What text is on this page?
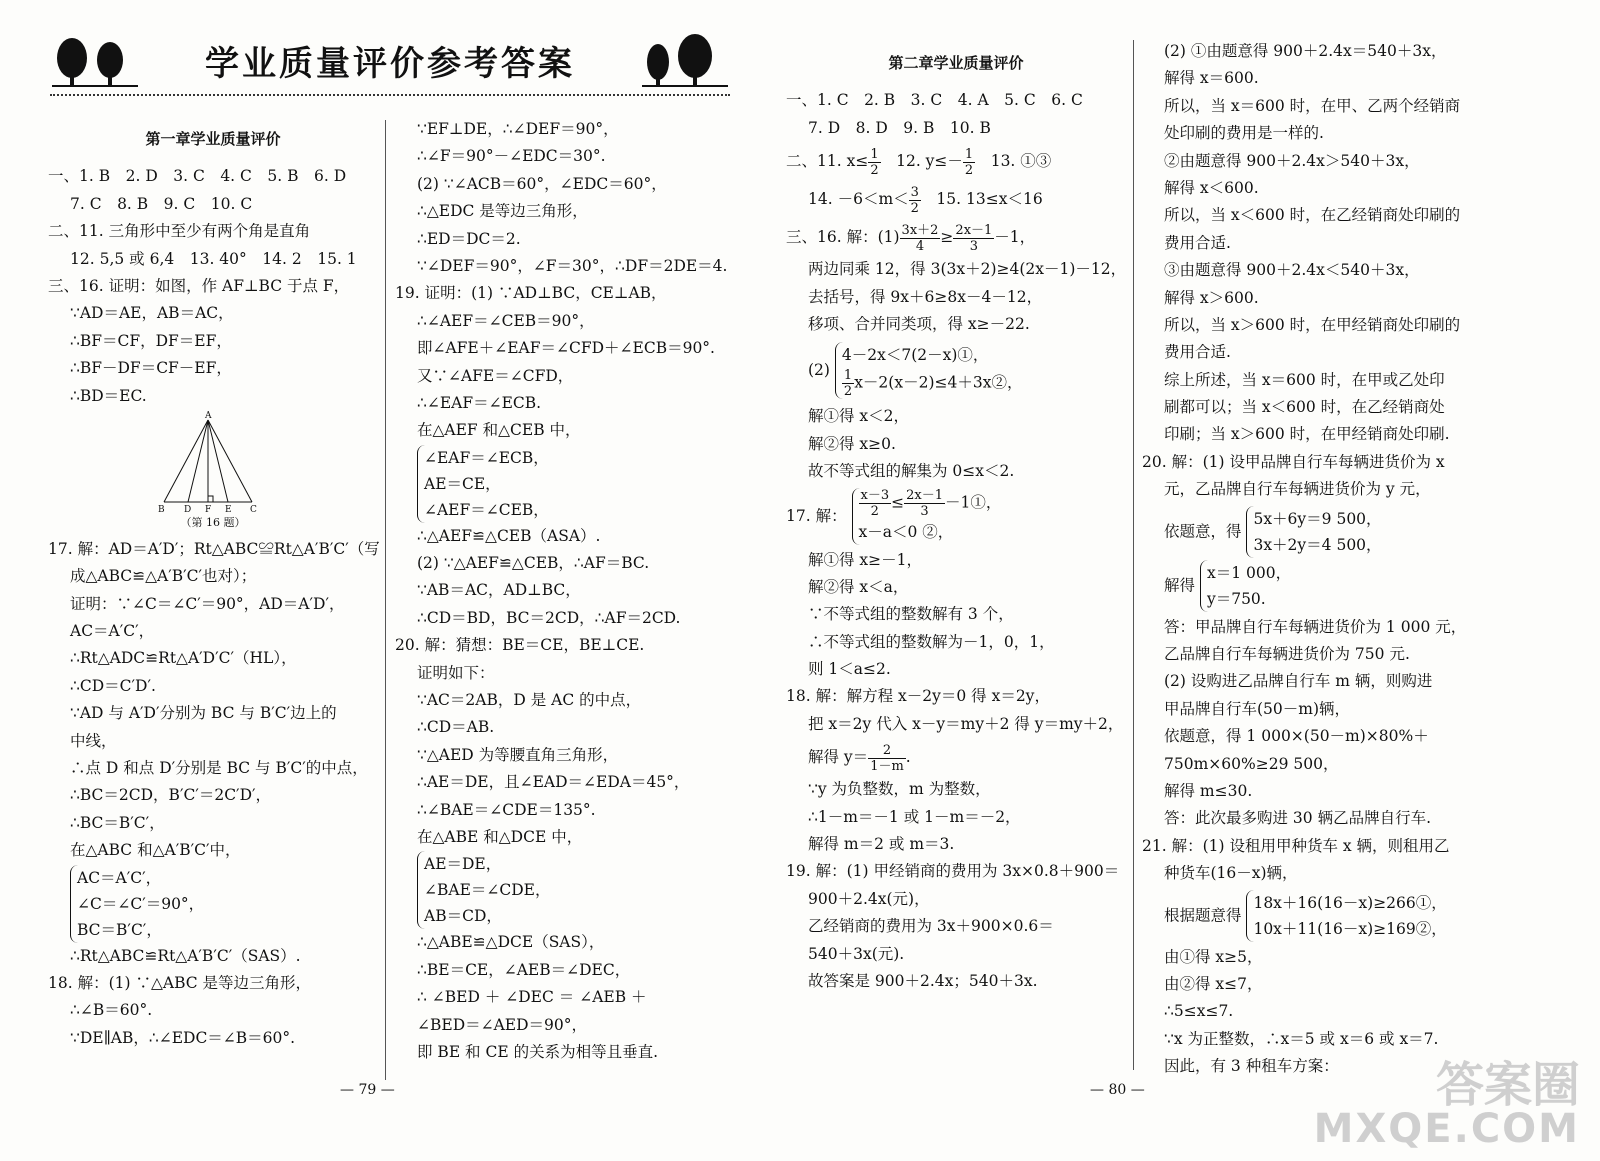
学业质量评价参考答案
第一章学业质量评价
一、1. B　2. D　3. C　4. C　5. B　6. D
7. C　8. B　9. C　10. C
二、11. 三角形中至少有两个角是直角
12. 5,5 或 6,4　13. 40°　14. 2　15. 1
三、16. 证明：如图，作 AF⊥BC 于点 F，
∵AD＝AE，AB＝AC，
∴BF＝CF，DF＝EF，
∴BF－DF＝CF－EF，
∴BD＝EC.
A
B D F E C
（第 16 题）
17. 解：AD＝A′D′；Rt△ABC≌Rt△A′B′C′（写
成△ABC≌△A′B′C′也对）；
证明：∵∠C＝∠C′＝90°，AD＝A′D′，
AC＝A′C′，
∴Rt△ADC≌Rt△A′D′C′（HL），
∴CD＝C′D′.
∵AD 与 A′D′分别为 BC 与 B′C′边上的
中线，
∴点 D 和点 D′分别是 BC 与 B′C′的中点，
∴BC＝2CD，B′C′＝2C′D′，
∴BC＝B′C′，
在△ABC 和△A′B′C′中，
AC＝A′C′，
∠C＝∠C′＝90°，
BC＝B′C′，
∴Rt△ABC≌Rt△A′B′C′（SAS）.
18. 解：(1) ∵△ABC 是等边三角形，
∴∠B＝60°.
∵DE∥AB，∴∠EDC＝∠B＝60°.
∵EF⊥DE，∴∠DEF＝90°，
∴∠F＝90°－∠EDC＝30°.
(2) ∵∠ACB＝60°，∠EDC＝60°，
∴△EDC 是等边三角形，
∴ED＝DC＝2.
∵∠DEF＝90°，∠F＝30°，∴DF＝2DE＝4.
19. 证明：(1) ∵AD⊥BC，CE⊥AB，
∴∠AEF＝∠CEB＝90°，
即∠AFE＋∠EAF＝∠CFD＋∠ECB＝90°.
又∵∠AFE＝∠CFD，
∴∠EAF＝∠ECB.
在△AEF 和△CEB 中，
∠EAF＝∠ECB，
AE＝CE，
∠AEF＝∠CEB，
∴△AEF≌△CEB（ASA）.
(2) ∵△AEF≌△CEB，∴AF＝BC.
∵AB＝AC，AD⊥BC，
∴CD＝BD，BC＝2CD，∴AF＝2CD.
20. 解：猜想：BE＝CE，BE⊥CE.
证明如下：
∵AC＝2AB，D 是 AC 的中点，
∴CD＝AB.
∵△AED 为等腰直角三角形，
∴AE＝DE，且∠EAD＝∠EDA＝45°，
∴∠BAE＝∠CDE＝135°.
在△ABE 和△DCE 中，
AE＝DE，
∠BAE＝∠CDE，
AB＝CD，
∴△ABE≌△DCE（SAS），
∴BE＝CE，∠AEB＝∠DEC，
∴ ∠BED ＋ ∠DEC ＝ ∠AEB ＋
∠BED＝∠AED＝90°，
即 BE 和 CE 的关系为相等且垂直.
— 79 —
第二章学业质量评价
一、1. C　2. B　3. C　4. A　5. C　6. C
7. D　8. D　9. B　10. B
二、11. $x\le \frac{1}{2}$ 　12. $y\le- \frac{1}{2}$ 　13. ①③
14. $-6<m< \frac{3}{2}$ 　15. 13≤x＜16
三、16. 解：$(1) \frac{3x+2}{4} \ge \frac{2x-1}{3} -1$，
两边同乘 12，得 3(3x＋2)≥4(2x－1)－12，
去括号，得 9x＋6≥8x－4－12，
移项、合并同类项，得 x≥－22.
(2)
4－2x＜7(2－x)①，
$\frac{1}{2}$ x－2(x－2)≤4＋3x②，
解①得 x＜2，
解②得 x≥0.
故不等式组的解集为 0≤x＜2.
17. 解： $\frac{x-3}{2} \le \frac{2x-1}{3}$ －1①，
x－a＜0 ②，
解①得 x≥－1，
解②得 x＜a，
∵不等式组的整数解有 3 个，
∴不等式组的整数解为－1，0，1，
则 1＜a≤2.
18. 解：解方程 x－2y＝0 得 x＝2y，
把 x＝2y 代入 x－y＝my＋2 得 y＝my＋2，
解得 $y= \frac{2}{1-m}$ .
∵y 为负整数，m 为整数，
∴1－m＝－1 或 1－m＝－2，
解得 m＝2 或 m＝3.
19. 解：(1) 甲经销商的费用为 3x×0.8＋900＝
900＋2.4x(元)，
乙经销商的费用为 3x＋900×0.6＝
540＋3x(元).
故答案是 900＋2.4x；540＋3x.
(2) ①由题意得 900＋2.4x＝540＋3x，
解得 x＝600.
所以，当 x＝600 时，在甲、乙两个经销商
处印刷的费用是一样的.
②由题意得 900＋2.4x＞540＋3x，
解得 x＜600.
所以，当 x＜600 时，在乙经销商处印刷的
费用合适.
③由题意得 900＋2.4x＜540＋3x，
解得 x＞600.
所以，当 x＞600 时，在甲经销商处印刷的
费用合适.
综上所述，当 x＝600 时，在甲或乙处印
刷都可以；当 x＜600 时，在乙经销商处
印刷；当 x＞600 时，在甲经销商处印刷.
20. 解：(1) 设甲品牌自行车每辆进货价为 x
元，乙品牌自行车每辆进货价为 y 元，
依题意，得
5x＋6y＝9 500，
3x＋2y＝4 500，
解得
x＝1 000，
y＝750.
答：甲品牌自行车每辆进货价为 1 000 元，
乙品牌自行车每辆进货价为 750 元.
(2) 设购进乙品牌自行车 m 辆，则购进
甲品牌自行车(50－m)辆，
依题意，得 1 000×(50－m)×80%＋
750m×60%≥29 500，
解得 m≤30.
答：此次最多购进 30 辆乙品牌自行车.
21. 解：(1) 设租用甲种货车 x 辆，则租用乙
种货车(16－x)辆，
根据题意得
18x＋16(16－x)≥266①，
10x＋11(16－x)≥169②，
由①得 x≥5，
由②得 x≤7，
∴5≤x≤7.
∵x 为正整数，∴x＝5 或 x＝6 或 x＝7.
因此，有 3 种租车方案：
— 80 —	答案圈
MXQE.COM
